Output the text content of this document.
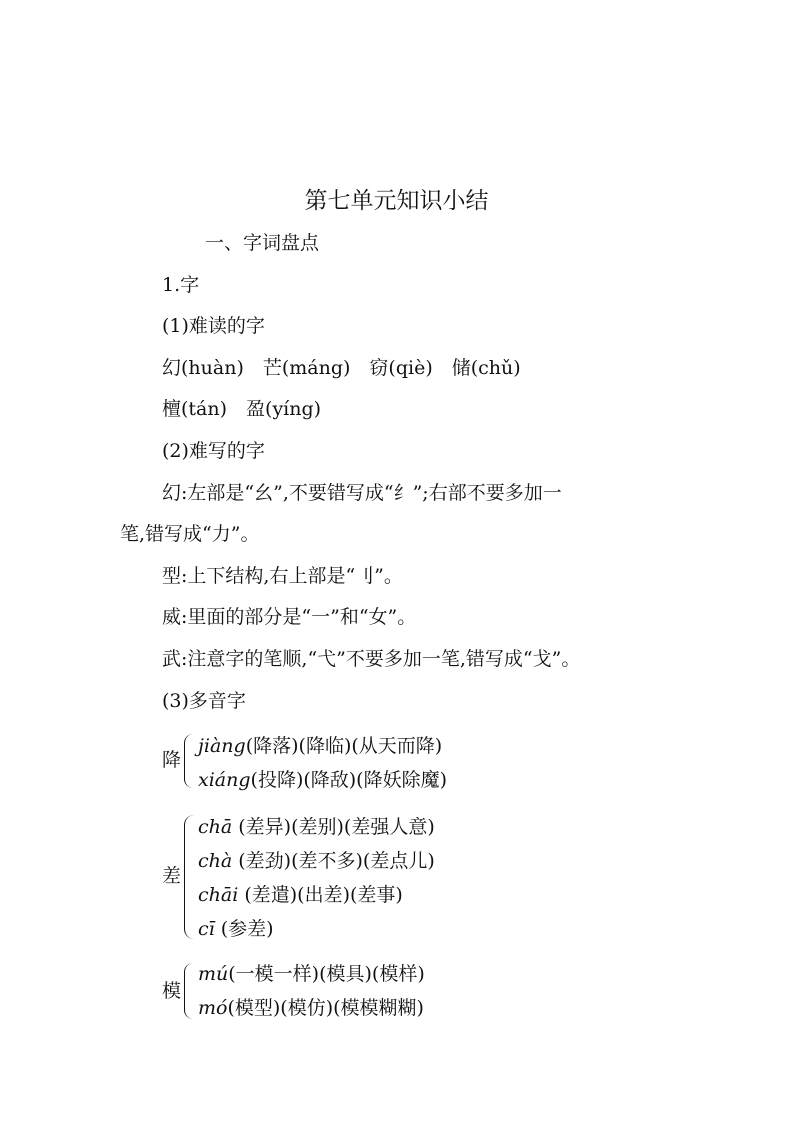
第七单元知识小结
一、字词盘点
1.字
(1)难读的字
幻(huàn)　芒(máng)　窃(qiè)　储(chǔ)
檀(tán)　盈(yíng)
(2)难写的字
幻:左部是“幺”,不要错写成“纟”;右部不要多加一
笔,错写成“力”。
型:上下结构,右上部是“刂”。
威:里面的部分是“一”和“女”。
武:注意字的笔顺,“弋”不要多加一笔,错写成“戈”。
(3)多音字
降
jiàng(降落)(降临)(从天而降)
xiáng(投降)(降敌)(降妖除魔)
差
chā (差异)(差别)(差强人意)
chà (差劲)(差不多)(差点儿)
chāi (差遣)(出差)(差事)
cī (参差)
模
mú(一模一样)(模具)(模样)
mó(模型)(模仿)(模模糊糊)
